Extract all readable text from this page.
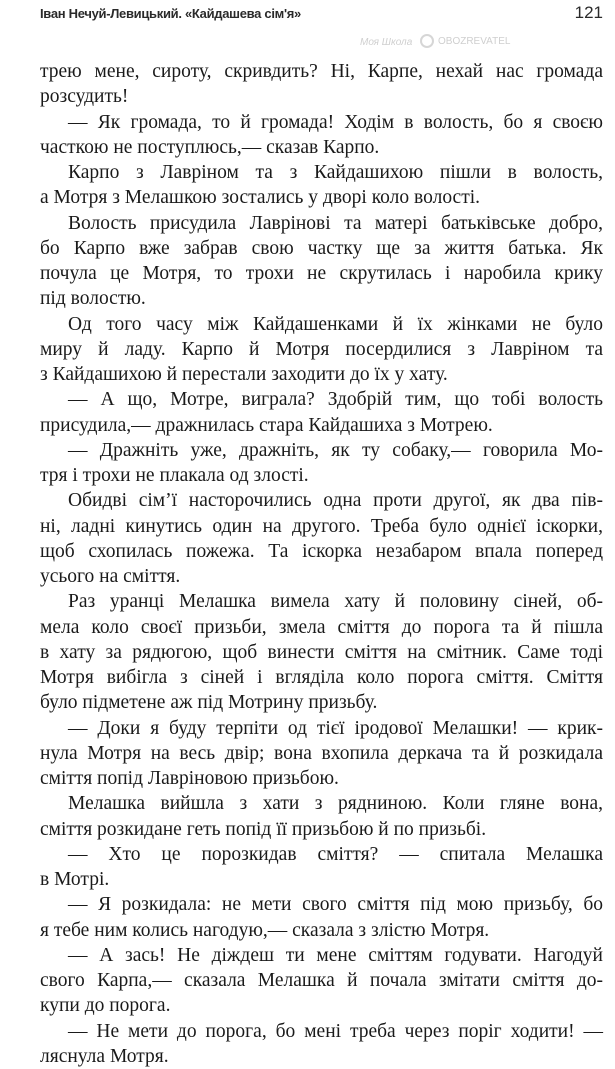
Іван Нечуй-Левицький. «Кайдашева сім'я»	121
Моя Школа	OBOZREVATEL
трею мене, сироту, скривдить? Ні, Карпе, нехай нас громада
розсудить!
— Як громада, то й громада! Ходім в волость, бо я своєю
часткою не поступлюсь,— сказав Карпо.
Карпо з Лавріном та з Кайдашихою пішли в волость,
а Мотря з Мелашкою зостались у дворі коло волості.
Волость присудила Лаврінові та матері батьківське добро,
бо Карпо вже забрав свою частку ще за життя батька. Як
почула це Мотря, то трохи не скрутилась і наробила крику
під волостю.
Од того часу між Кайдашенками й їх жінками не було
миру й ладу. Карпо й Мотря посердилися з Лавріном та
з Кайдашихою й перестали заходити до їх у хату.
— А що, Мотре, виграла? Здобрій тим, що тобі волость
присудила,— дражнилась стара Кайдашиха з Мотрею.
— Дражніть уже, дражніть, як ту собаку,— говорила Мо-
тря і трохи не плакала од злості.
Обидві сім’ї насторочились одна проти другої, як два пів-
ні, ладні кинутись один на другого. Треба було однієї іскорки,
щоб схопилась пожежа. Та іскорка незабаром впала поперед
усього на сміття.
Раз уранці Мелашка вимела хату й половину сіней, об-
мела коло своєї призьби, змела сміття до порога та й пішла
в хату за рядюгою, щоб винести сміття на смітник. Саме тоді
Мотря вибігла з сіней і вгляділа коло порога сміття. Сміття
було підметене аж під Мотрину призьбу.
— Доки я буду терпіти од тієї іродової Мелашки! — крик-
нула Мотря на весь двір; вона вхопила деркача та й розкидала
сміття попід Лавріновою призьбою.
Мелашка вийшла з хати з рядниною. Коли гляне вона,
сміття розкидане геть попід її призьбою й по призьбі.
— Хто це порозкидав сміття? — спитала Мелашка
в Мотрі.
— Я розкидала: не мети свого сміття під мою призьбу, бо
я тебе ним колись нагодую,— сказала з злістю Мотря.
— А зась! Не діждеш ти мене сміттям годувати. Нагодуй
свого Карпа,— сказала Мелашка й почала змітати сміття до-
купи до порога.
— Не мети до порога, бо мені треба через поріг ходити! —
ляснула Мотря.
